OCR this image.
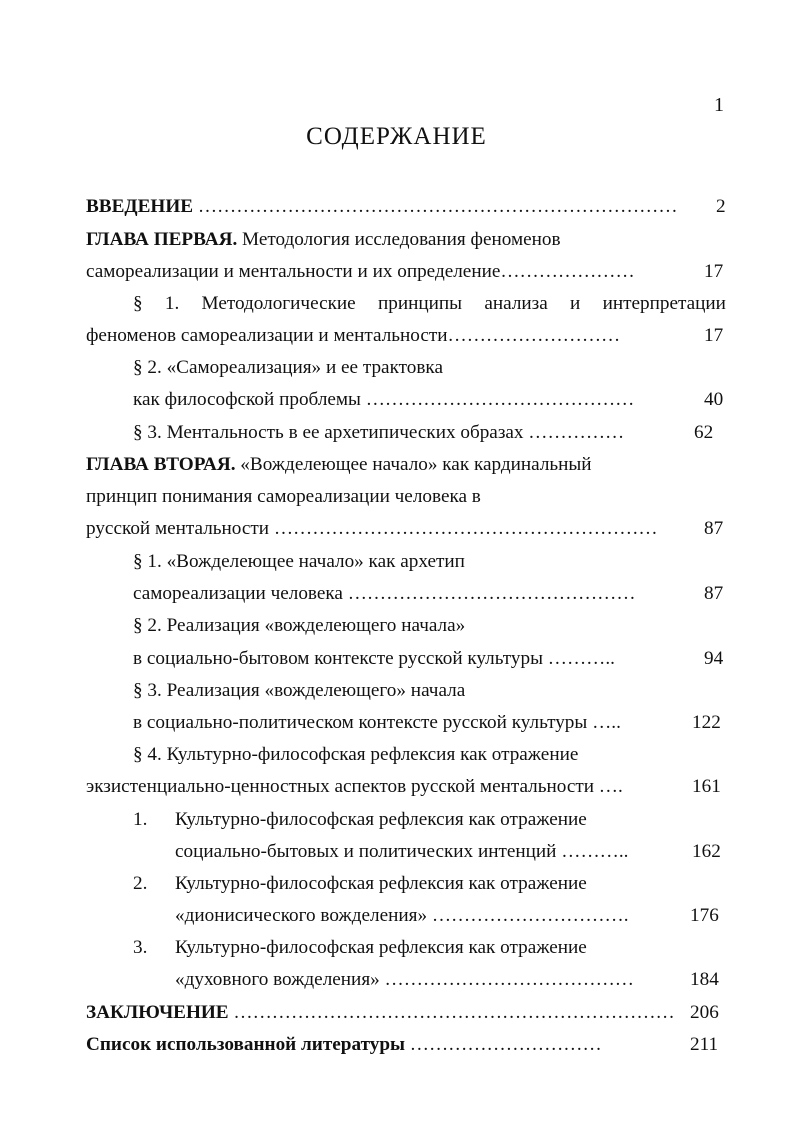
1
СОДЕРЖАНИЕ
ВВЕДЕНИЕ ………………………………………………………………… 2
ГЛАВА ПЕРВАЯ. Методология исследования феноменов
самореализации и ментальности и их определение…………………	17
§ 1. Методологические принципы анализа и интерпретации
феноменов самореализации и ментальности………………………	17
§ 2. «Самореализация» и ее трактовка
как философской проблемы ……………………………………	40
§ 3. Ментальность в ее архетипических образах ……………	62
ГЛАВА ВТОРАЯ. «Вожделеющее начало» как кардинальный
принцип понимания самореализации человека в
русской ментальности …………………………………………………… 87
§ 1. «Вожделеющее начало» как архетип
самореализации человека ………………………………………	87
§ 2. Реализация «вожделеющего начала»
в социально-бытовом контексте русской культуры ………..	94
§ 3. Реализация «вожделеющего» начала
в социально-политическом контексте русской культуры …..	122
§ 4. Культурно-философская рефлексия как отражение
экзистенциально-ценностных аспектов русской ментальности ….	161
1. Культурно-философская рефлексия как отражение
социально-бытовых и политических интенций ………..	162
2. Культурно-философская рефлексия как отражение
«дионисического вожделения» ………………………….	176
3. Культурно-философская рефлексия как отражение
«духовного вожделения» …………………………………	184
ЗАКЛЮЧЕНИЕ …………………………………………………………… 206
Список использованной литературы …………………………	211
